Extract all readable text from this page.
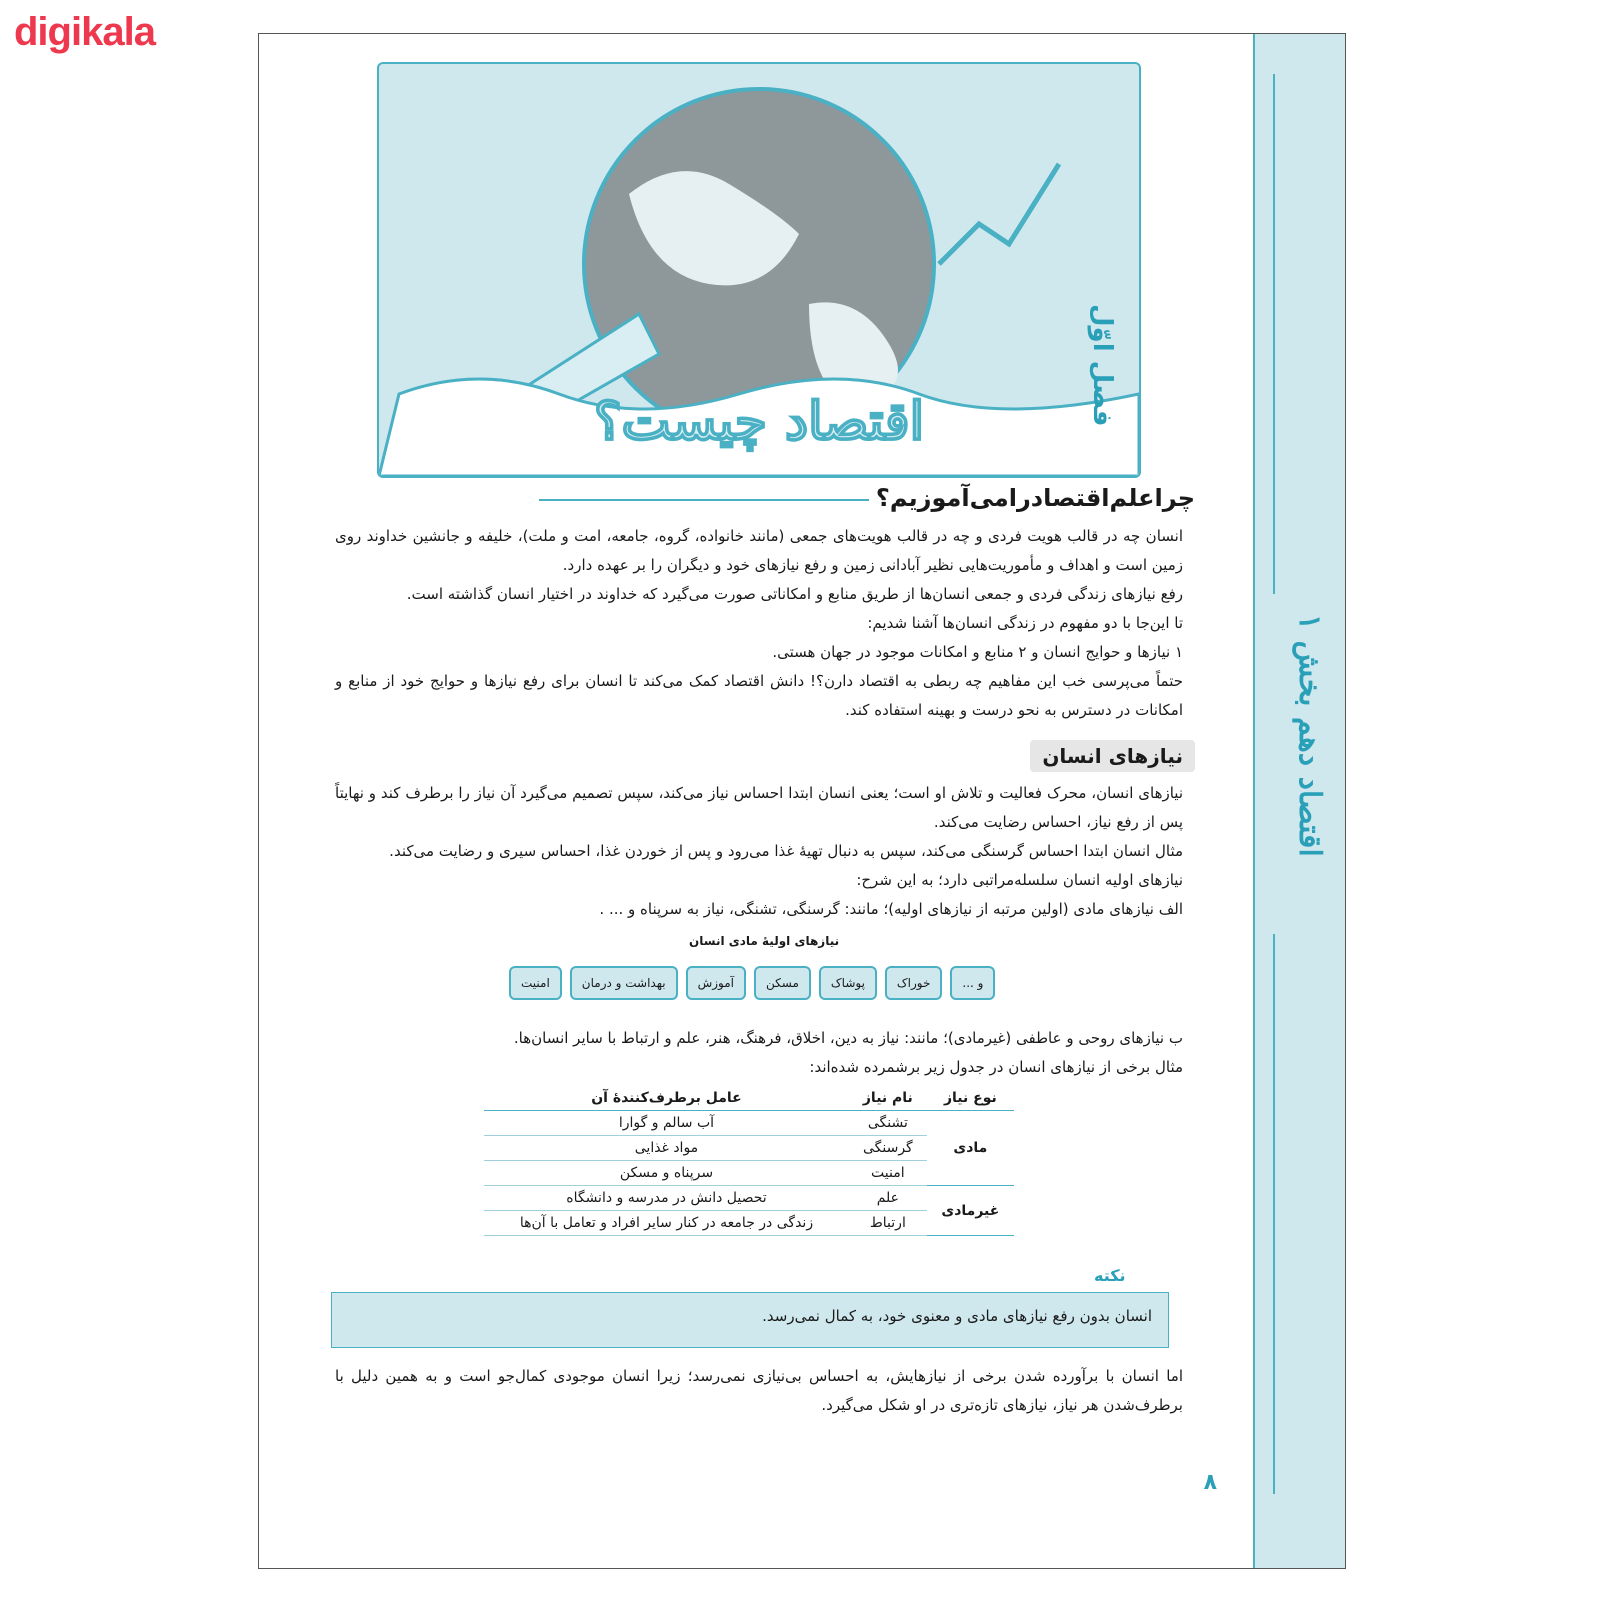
digikala
اقتصاد دهم بخش ۱
۸
فصل اوّل
اقتصاد چیست؟
چراعلم‌اقتصادرامی‌آموزیم؟

انسان چه در قالب هویت فردی و چه در قالب هویت‌های جمعی (مانند خانواده، گروه، جامعه، امت و ملت)، خلیفه و جانشین خداوند روی زمین است و اهداف و مأموریت‌هایی نظیر آبادانی زمین و رفع نیازهای خود و دیگران را بر عهده دارد.

رفع نیازهای زندگی فردی و جمعی انسان‌ها از طریق منابع و امکاناتی صورت می‌گیرد که خداوند در اختیار انسان گذاشته است.

تا این‌جا با دو مفهوم در زندگی انسان‌ها آشنا شدیم:

۱ نیازها و حوایج انسان و ۲ منابع و امکانات موجود در جهان هستی.

حتماً می‌پرسی خب این مفاهیم چه ربطی به اقتصاد دارن؟! دانش اقتصاد کمک می‌کند تا انسان برای رفع نیازها و حوایج خود از منابع و امکانات در دسترس به نحو درست و بهینه استفاده کند.

نیازهای انسان

نیازهای انسان، محرک فعالیت و تلاش او است؛ یعنی انسان ابتدا احساس نیاز می‌کند، سپس تصمیم می‌گیرد آن نیاز را برطرف کند و نهایتاً پس از رفع نیاز، احساس رضایت می‌کند.

مثال انسان ابتدا احساس گرسنگی می‌کند، سپس به دنبال تهیهٔ غذا می‌رود و پس از خوردن غذا، احساس سیری و رضایت می‌کند.

نیازهای اولیه انسان سلسله‌مراتبی دارد؛ به این شرح:

الف نیازهای مادی (اولین مرتبه از نیازهای اولیه)؛ مانند: گرسنگی، تشنگی، نیاز به سرپناه و ... .

نیازهای اولیهٔ مادی انسان
امنیت	بهداشت و درمان	آموزش	مسکن	پوشاک	خوراک	و ...

ب نیازهای روحی و عاطفی (غیرمادی)؛ مانند: نیاز به دین، اخلاق، فرهنگ، هنر، علم و ارتباط با سایر انسان‌ها.

مثال برخی از نیازهای انسان در جدول زیر برشمرده شده‌اند:

نوع نیاز	نام نیاز	عامل برطرف‌کنندهٔ آن
مادی	تشنگی	آب سالم و گوارا
	گرسنگی	مواد غذایی
	امنیت	سرپناه و مسکن
غیرمادی	علم	تحصیل دانش در مدرسه و دانشگاه
	ارتباط	زندگی در جامعه در کنار سایر افراد و تعامل با آن‌ها
نکته
انسان بدون رفع نیازهای مادی و معنوی خود، به کمال نمی‌رسد.

اما انسان با برآورده شدن برخی از نیازهایش، به احساس بی‌نیازی نمی‌رسد؛ زیرا انسان موجودی کمال‌جو است و به همین دلیل با برطرف‌شدن هر نیاز، نیازهای تازه‌تری در او شکل می‌گیرد.
